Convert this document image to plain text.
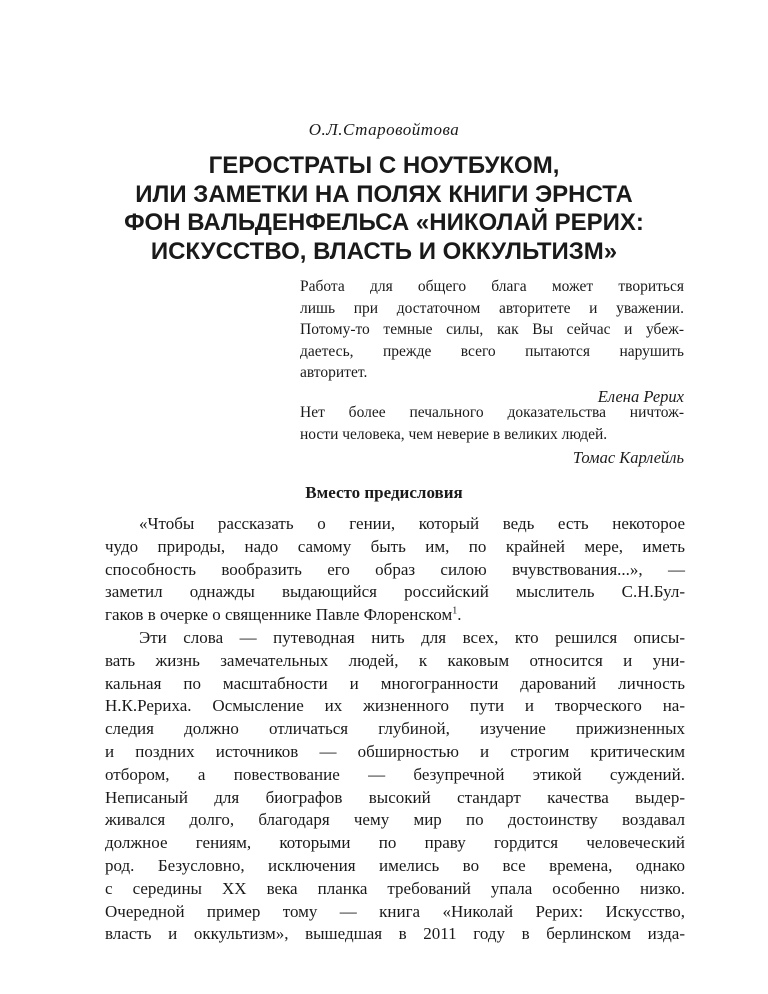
О.Л.Старовойтова
ГЕРОСТРАТЫ С НОУТБУКОМ,
ИЛИ ЗАМЕТКИ НА ПОЛЯХ КНИГИ ЭРНСТА
ФОН ВАЛЬДЕНФЕЛЬСА «НИКОЛАЙ РЕРИХ:
ИСКУССТВО, ВЛАСТЬ И ОККУЛЬТИЗМ»
Работа для общего блага может твориться
лишь при достаточном авторитете и уважении.
Потому-то темные силы, как Вы сейчас и убеж-
даетесь, прежде всего пытаются нарушить
авторитет.
Елена Рерих
Нет более печального доказательства ничтож-
ности человека, чем неверие в великих людей.
Томас Карлейль
Вместо предисловия
«Чтобы рассказать о гении, который ведь есть некоторое
чудо природы, надо самому быть им, по крайней мере, иметь
способность вообразить его образ силою вчувствования...», —
заметил однажды выдающийся российский мыслитель С.Н.Бул-
гаков в очерке о священнике Павле Флоренском$^1$.
Эти слова — путеводная нить для всех, кто решился описы-
вать жизнь замечательных людей, к каковым относится и уни-
кальная по масштабности и многогранности дарований личность
Н.К.Рериха. Осмысление их жизненного пути и творческого на-
следия должно отличаться глубиной, изучение прижизненных
и поздних источников — обширностью и строгим критическим
отбором, а повествование — безупречной этикой суждений.
Неписаный для биографов высокий стандарт качества выдер-
живался долго, благодаря чему мир по достоинству воздавал
должное гениям, которыми по праву гордится человеческий
род. Безусловно, исключения имелись во все времена, однако
с середины XX века планка требований упала особенно низко.
Очередной пример тому — книга «Николай Рерих: Искусство,
власть и оккультизм», вышедшая в 2011 году в берлинском изда-
